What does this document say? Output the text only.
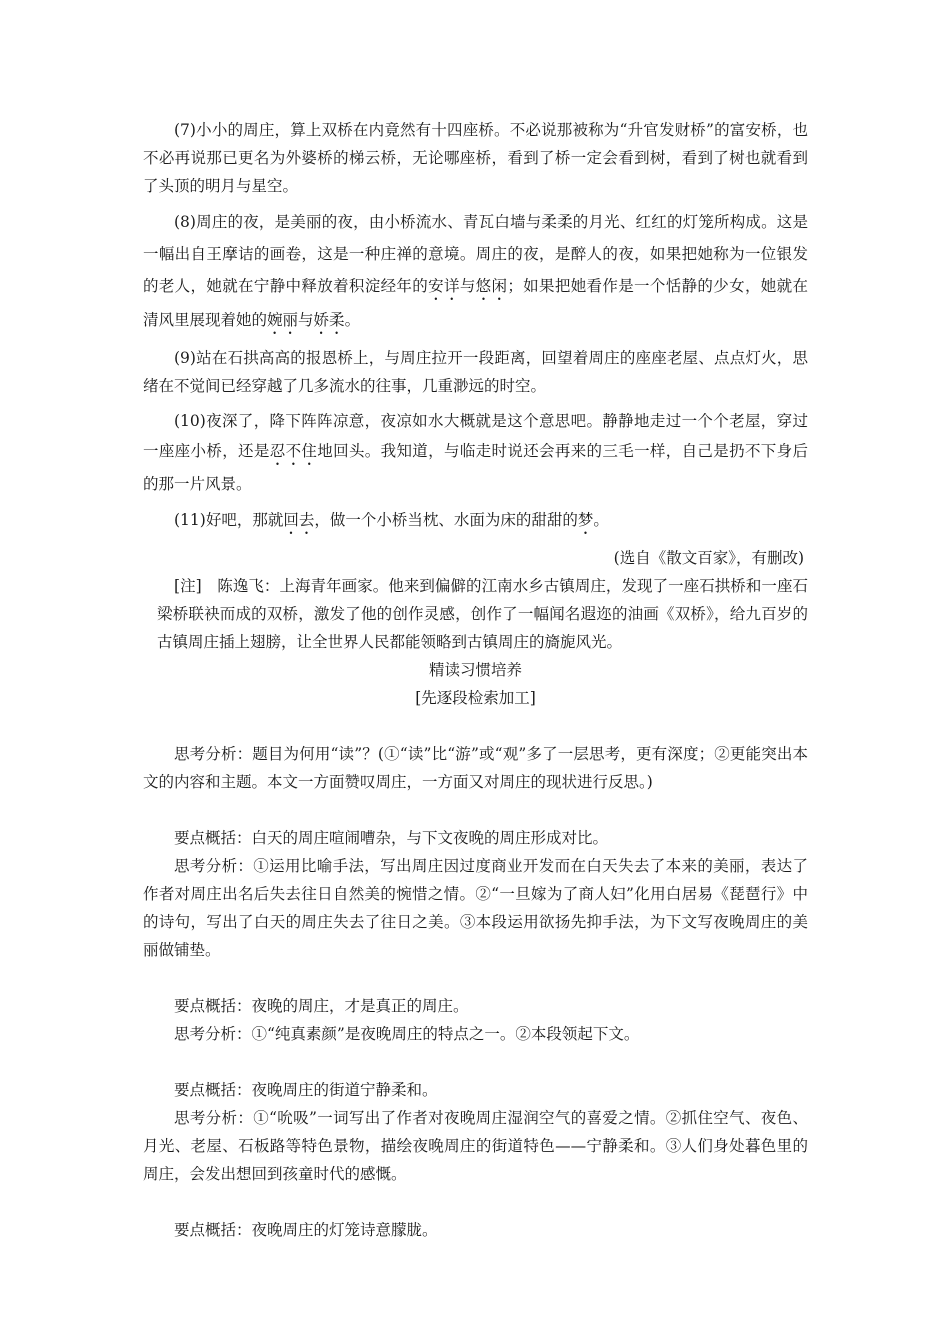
(7)小小的周庄，算上双桥在内竟然有十四座桥。不必说那被称为“升官发财桥”的富安桥，也不必再说那已更名为外婆桥的梯云桥，无论哪座桥，看到了桥一定会看到树，看到了树也就看到了头顶的明月与星空。

(8)周庄的夜，是美丽的夜，由小桥流水、青瓦白墙与柔柔的月光、红红的灯笼所构成。这是一幅出自王摩诘的画卷，这是一种庄禅的意境。周庄的夜，是醉人的夜，如果把她称为一位银发的老人，她就在宁静中释放着积淀经年的安详与悠闲；如果把她看作是一个恬静的少女，她就在清风里展现着她的婉丽与娇柔。

(9)站在石拱高高的报恩桥上，与周庄拉开一段距离，回望着周庄的座座老屋、点点灯火，思绪在不觉间已经穿越了几多流水的往事，几重渺远的时空。

(10)夜深了，降下阵阵凉意，夜凉如水大概就是这个意思吧。静静地走过一个个老屋，穿过一座座小桥，还是忍不住地回头。我知道，与临走时说还会再来的三毛一样，自己是扔不下身后的那一片风景。

(11)好吧，那就回去，做一个小桥当枕、水面为床的甜甜的梦。

(选自《散文百家》，有删改)

[注]　陈逸飞：上海青年画家。他来到偏僻的江南水乡古镇周庄，发现了一座石拱桥和一座石梁桥联袂而成的双桥，激发了他的创作灵感，创作了一幅闻名遐迩的油画《双桥》，给九百岁的古镇周庄插上翅膀，让全世界人民都能领略到古镇周庄的旖旎风光。

精读习惯培养

[先逐段检索加工]

思考分析：题目为何用“读”？(①“读”比“游”或“观”多了一层思考，更有深度；②更能突出本文的内容和主题。本文一方面赞叹周庄，一方面又对周庄的现状进行反思。)

要点概括：白天的周庄喧闹嘈杂，与下文夜晚的周庄形成对比。

思考分析：①运用比喻手法，写出周庄因过度商业开发而在白天失去了本来的美丽，表达了作者对周庄出名后失去往日自然美的惋惜之情。②“一旦嫁为了商人妇”化用白居易《琵琶行》中的诗句，写出了白天的周庄失去了往日之美。③本段运用欲扬先抑手法，为下文写夜晚周庄的美丽做铺垫。

要点概括：夜晚的周庄，才是真正的周庄。

思考分析：①“纯真素颜”是夜晚周庄的特点之一。②本段领起下文。

要点概括：夜晚周庄的街道宁静柔和。

思考分析：①“吮吸”一词写出了作者对夜晚周庄湿润空气的喜爱之情。②抓住空气、夜色、月光、老屋、石板路等特色景物，描绘夜晚周庄的街道特色——宁静柔和。③人们身处暮色里的周庄，会发出想回到孩童时代的感慨。

要点概括：夜晚周庄的灯笼诗意朦胧。
